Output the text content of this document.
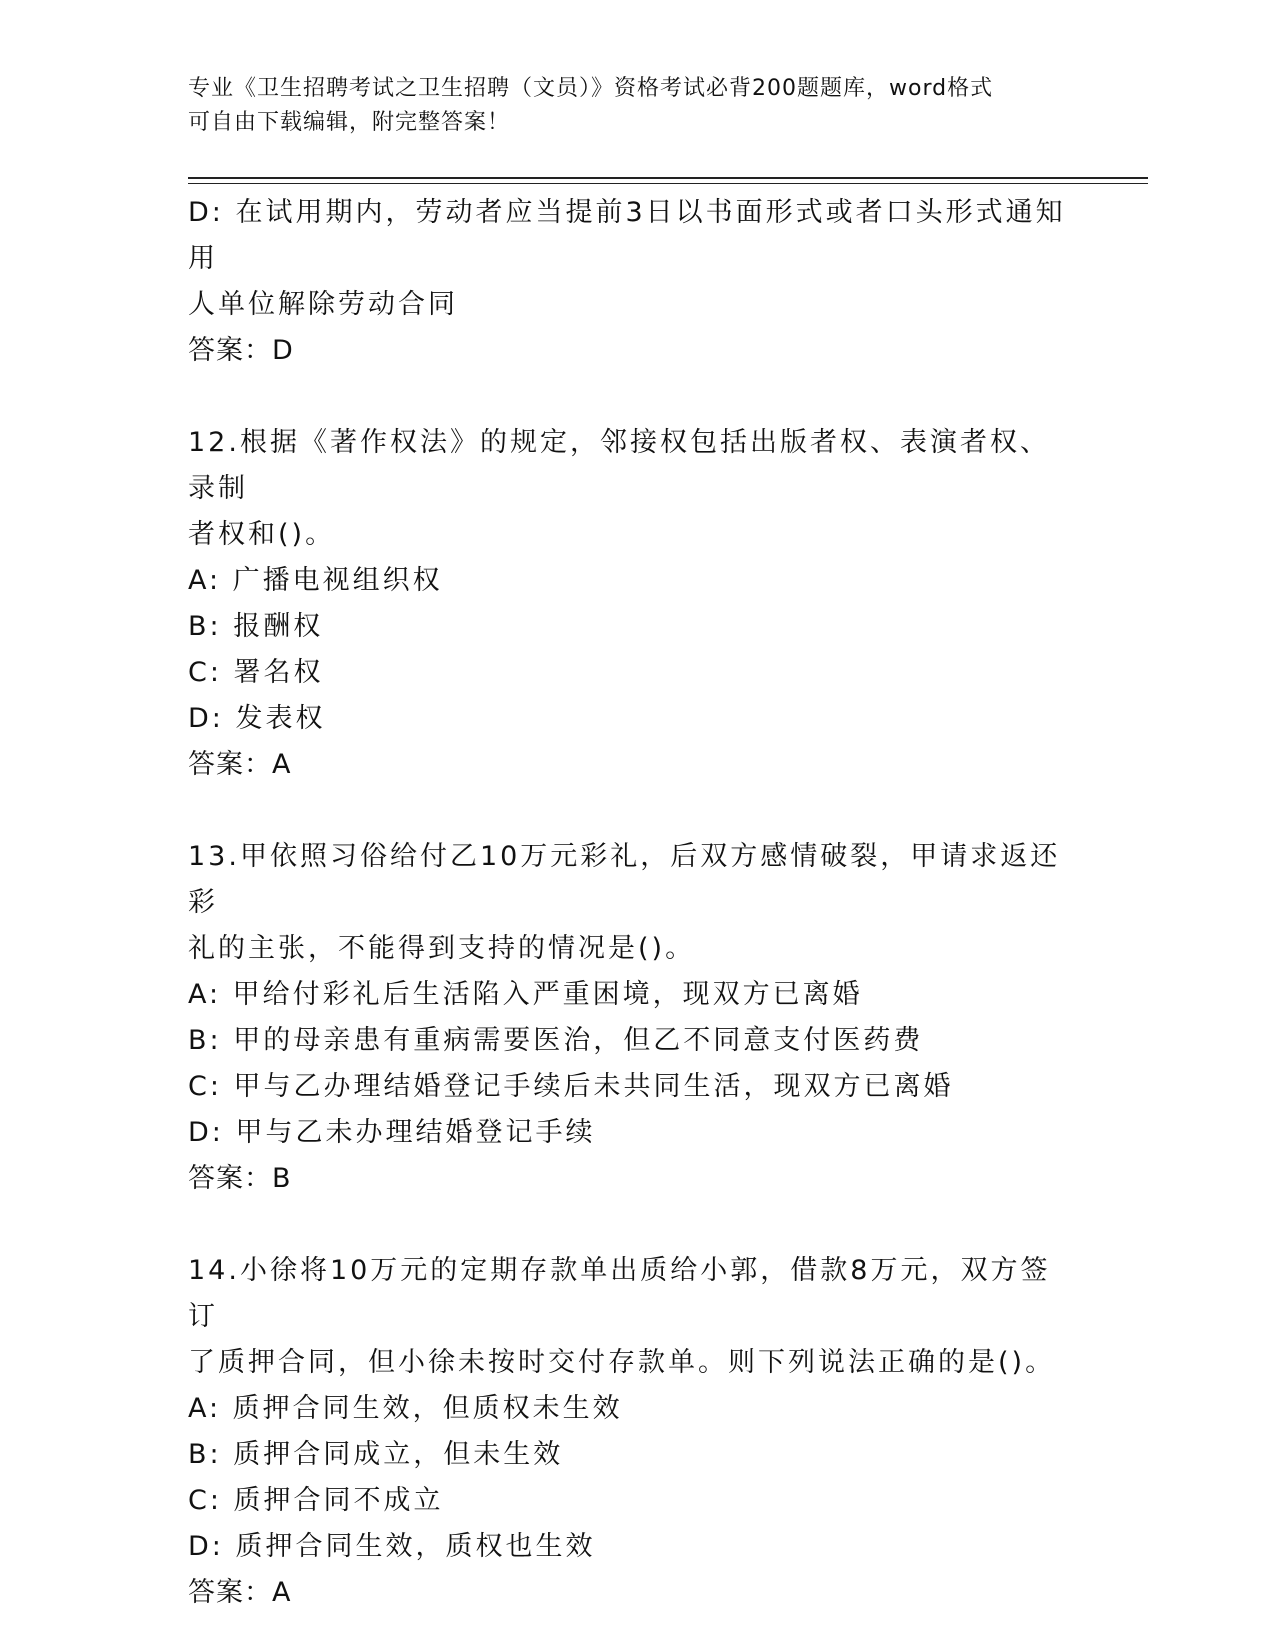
专业《卫生招聘考试之卫生招聘（文员）》资格考试必背200题题库，word格式
可自由下载编辑，附完整答案！
D: 在试用期内，劳动者应当提前3日以书面形式或者口头形式通知用
人单位解除劳动合同
答案：D
12.根据《著作权法》的规定，邻接权包括出版者权、表演者权、录制
者权和()。
A: 广播电视组织权
B: 报酬权
C: 署名权
D: 发表权
答案：A
13.甲依照习俗给付乙10万元彩礼，后双方感情破裂，甲请求返还彩
礼的主张，不能得到支持的情况是()。
A: 甲给付彩礼后生活陷入严重困境，现双方已离婚
B: 甲的母亲患有重病需要医治，但乙不同意支付医药费
C: 甲与乙办理结婚登记手续后未共同生活，现双方已离婚
D: 甲与乙未办理结婚登记手续
答案：B
14.小徐将10万元的定期存款单出质给小郭，借款8万元，双方签订
了质押合同，但小徐未按时交付存款单。则下列说法正确的是()。
A: 质押合同生效，但质权未生效
B: 质押合同成立，但未生效
C: 质押合同不成立
D: 质押合同生效，质权也生效
答案：A
